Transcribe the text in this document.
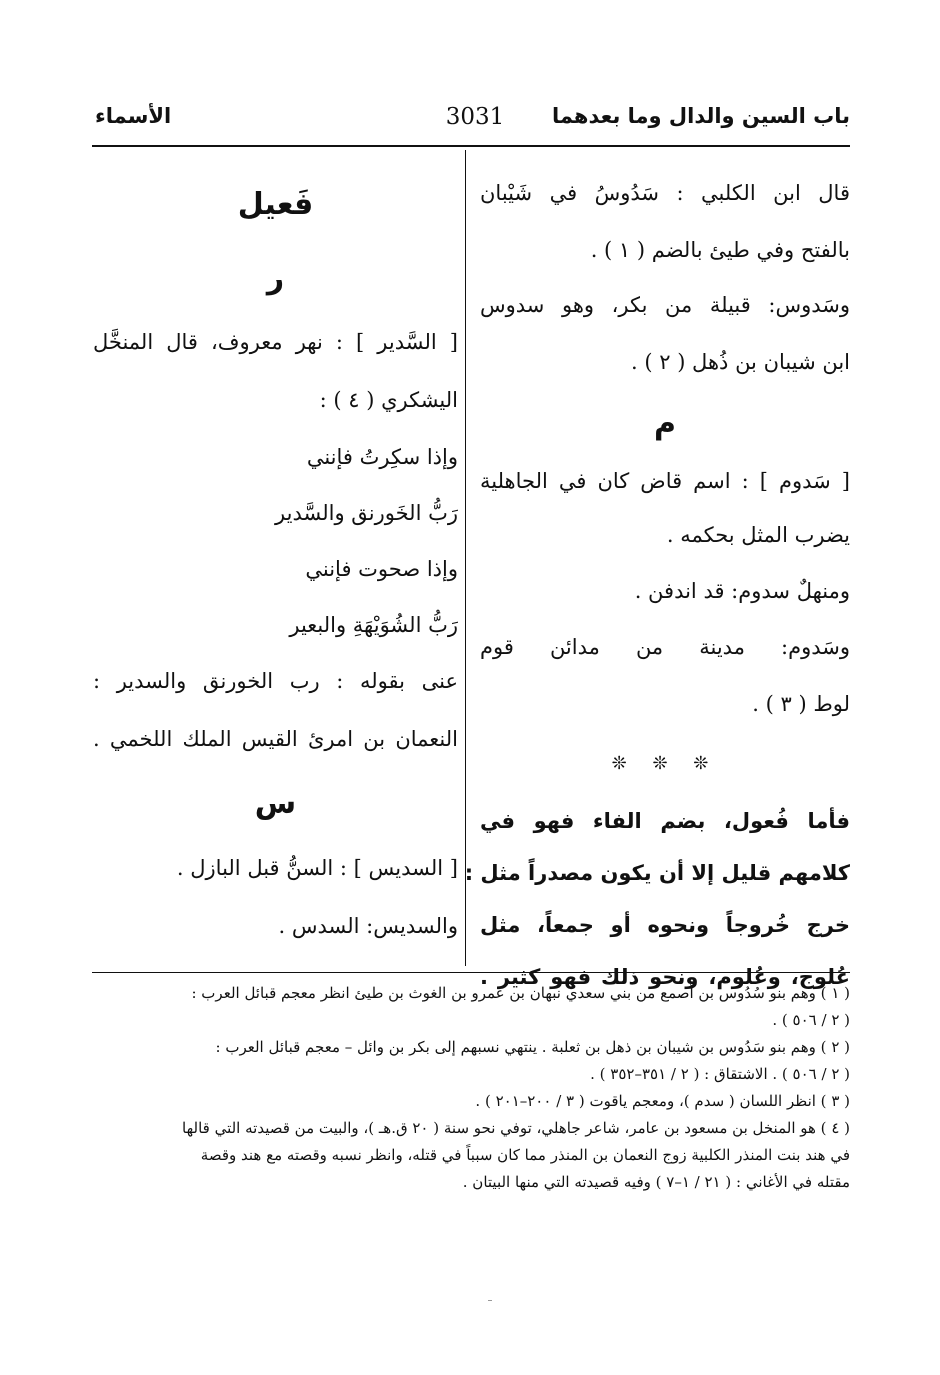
باب السين والدال وما بعدهما
3031
الأسماء
قال ابن الكلبي : سَدُوسُ في شَيْبان
بالفتح وفي طيئ بالضم ( ١ ) .
وسَدوس: قبيلة من بكر، وهو سدوس
ابن شيبان بن ذُهل ( ٢ ) .
م
[ سَدوم ] : اسم قاض كان في الجاهلية
يضرب المثل بحكمه .
ومنهلٌ سدوم: قد اندفن .
وسَدوم: مدينة من مدائن قوم
لوط ( ٣ ) .
❊ ❊ ❊
فأما فُعول، بضم الفاء فهو في
كلامهم قليل إلا أن يكون مصدراً مثل :
خرج خُروجاً ونحوه أو جمعاً، مثل
عُلوج، وعُلوم، ونحو ذلك فهو كثير .
فَعيل
ر
[ السَّدير ] : نهر معروف، قال المنخَّل
اليشكري ( ٤ ) :
وإذا سكِرتُ فإنني
رَبُّ الخَورنق والسَّدير
وإذا صحوت فإنني
رَبُّ الشُوَيْهَةِ والبعير
عنى بقوله : رب الخورنق والسدير :
النعمان بن امرئ القيس الملك اللخمي .
س
[ السديس ] : السنُّ قبل البازل .
والسديس: السدس .
( ١ ) وهم بنو سُدُوس بن أصمع من بني سعدي نبهان بن عمرو بن الغوث بن طيئ انظر معجم قبائل العرب :
( ٢ / ٥٠٦ ) .
( ٢ ) وهم بنو سَدُوس بن شيبان بن ذهل بن ثعلبة . ينتهي نسبهم إلى بكر بن وائل – معجم قبائل العرب :
( ٢ / ٥٠٦ ) . الاشتقاق : ( ٢ / ٣٥١–٣٥٢ ) .
( ٣ ) انظر اللسان ( سدم )، ومعجم ياقوت ( ٣ / ٢٠٠–٢٠١ ) .
( ٤ ) هو المنخل بن مسعود بن عامر، شاعر جاهلي، توفي نحو سنة ( ٢٠ ق.هـ )، والبيت من قصيدته التي قالها
في هند بنت المنذر الكلبية زوج النعمان بن المنذر مما كان سبباً في قتله، وانظر نسبه وقصته مع هند وقصة
مقتله في الأغاني : ( ٢١ / ١–٧ ) وفيه قصيدته التي منها البيتان .
